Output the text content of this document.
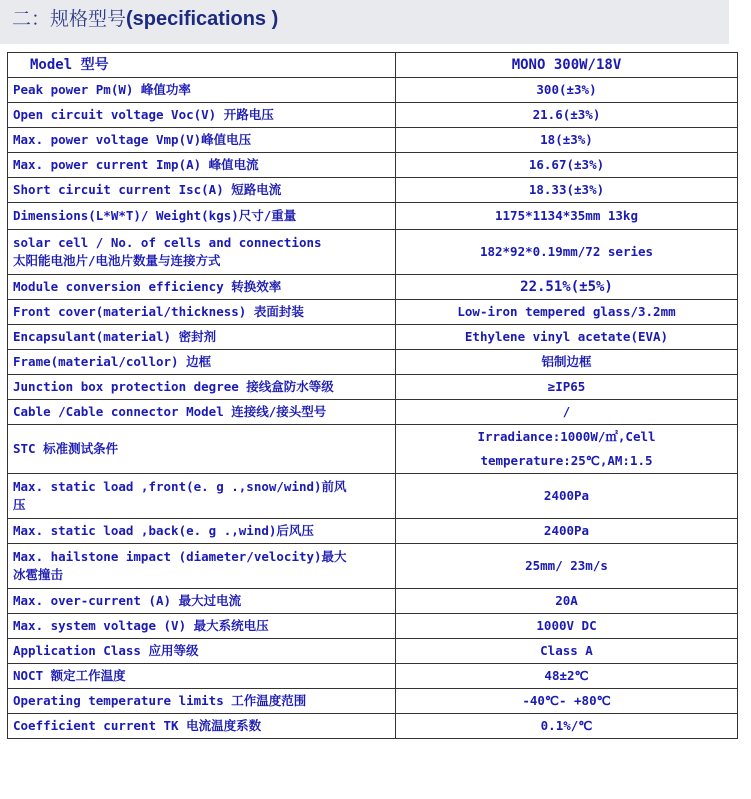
二：规格型号(specifications )
Model 型号	MONO 300W/18V
Peak power Pm(W) 峰值功率	300(±3%)
Open circuit voltage Voc(V) 开路电压	21.6(±3%)
Max. power voltage Vmp(V)峰值电压	18(±3%)
Max. power current Imp(A) 峰值电流	16.67(±3%)
Short circuit current Isc(A) 短路电流	18.33(±3%)
Dimensions(L*W*T)/ Weight(kgs)尺寸/重量	1175*1134*35mm 13kg

solar cell / No. of cells and connections
太阳能电池片/电池片数量与连接方式	182*92*0.19mm/72 series
Module conversion efficiency 转换效率	22.51%(±5%)
Front cover(material/thickness) 表面封装	Low-iron tempered glass/3.2mm
Encapsulant(material) 密封剂	Ethylene vinyl acetate(EVA)
Frame(material/collor) 边框	铝制边框
Junction box protection degree 接线盒防水等级	≥IP65
Cable /Cable connector Model 连接线/接头型号	/
STC 标准测试条件	Irradiance:1000W/㎡,Cell
temperature:25℃,AM:1.5

Max. static load ,front(e. g .,snow/wind)前风
压	2400Pa
Max. static load ,back(e. g .,wind)后风压	2400Pa

Max. hailstone impact (diameter/velocity)最大
冰雹撞击	25mm/ 23m/s
Max. over-current (A) 最大过电流	20A
Max. system voltage (V) 最大系统电压	1000V DC
Application Class 应用等级	Class A
NOCT 额定工作温度	48±2℃
Operating temperature limits 工作温度范围	-40℃- +80℃
Coefficient current TK 电流温度系数	0.1%/℃
